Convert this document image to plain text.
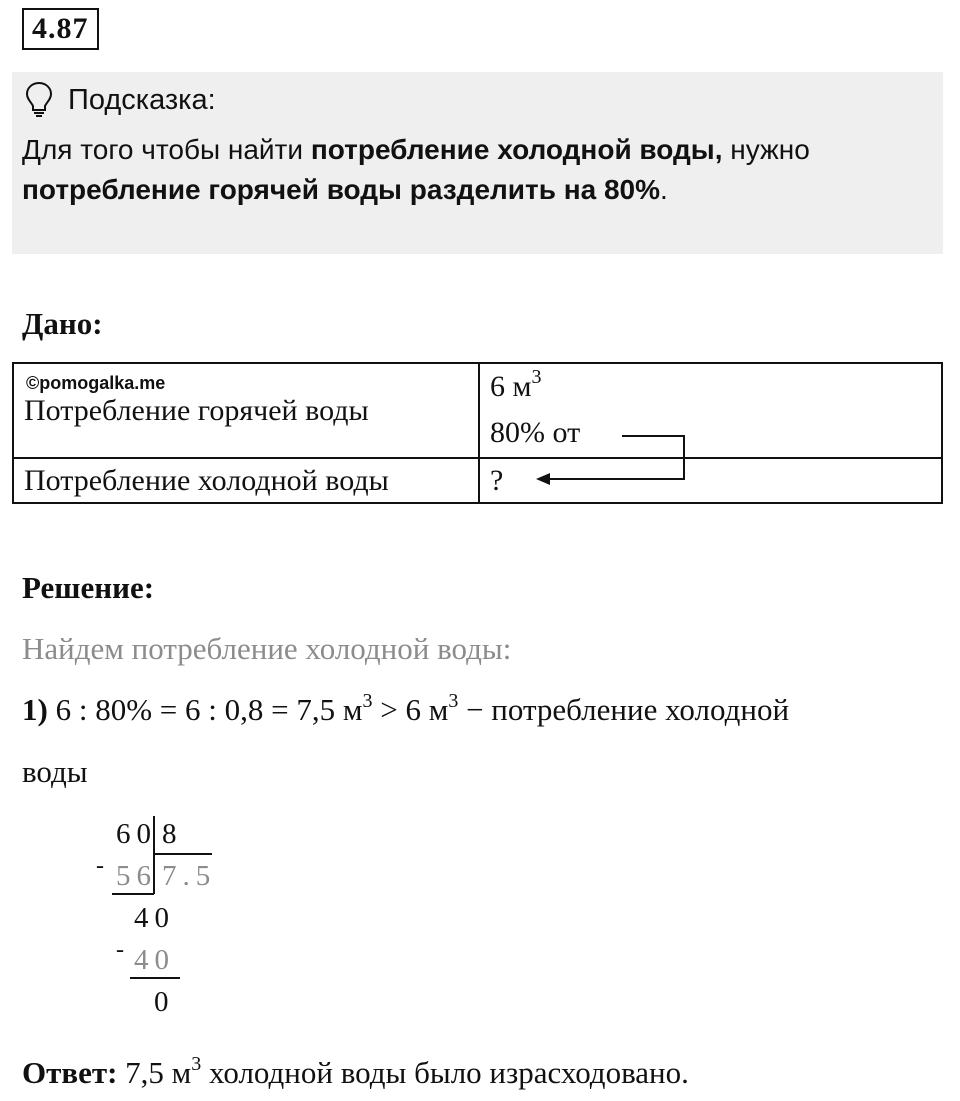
4.87
Подсказка:
Для того чтобы найти потребление холодной воды, нужно
потребление горячей воды разделить на 80%.
Дано:
©pomogalka.me
Потребление горячей воды
6 $м^3$
80% от
Потребление холодной воды	?
Решение:
Найдем потребление холодной воды:
1) 6 : 80% = 6 : 0,8 = 7,5 $м^3 > 6$ $м^3$ − потребление холодной
воды
60 8
- 56 7.5
40
- 40
0
Ответ: 7,5 $м^3$ холодной воды было израсходовано.
